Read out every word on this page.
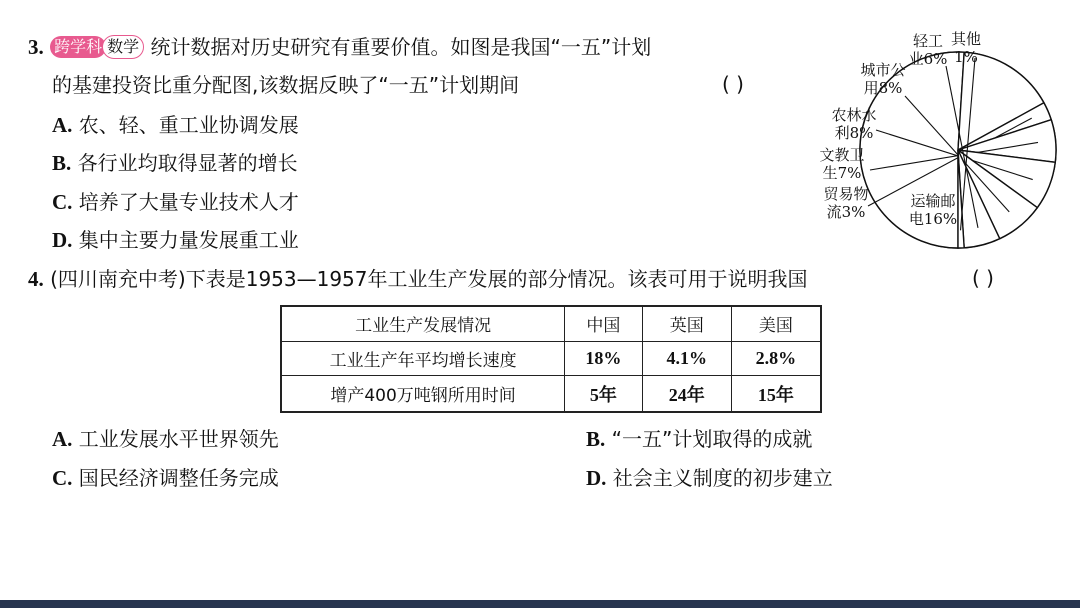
3. 跨学科 数学 统计数据对历史研究有重要价值。如图是我国“一五”计划
的基建投资比重分配图,该数据反映了“一五”计划期间	( )
A. 农、轻、重工业协调发展
B. 各行业均取得显著的增长
C. 培养了大量专业技术人才
D. 集中主要力量发展重工业
运输邮电16%
贸易物流3%
文教卫生7%
农林水利8%
城市公用8%
轻工业6%
其他 1%
4. (四川南充中考)下表是1953—1957年工业生产发展的部分情况。该表可用于说明我国	( )
工业生产发展情况	中国	英国	美国
工业生产年平均增长速度	18%	4.1%	2.8%
增产400万吨钢所用时间	5年	24年	15年
A. 工业发展水平世界领先	B. “一五”计划取得的成就
C. 国民经济调整任务完成	D. 社会主义制度的初步建立
